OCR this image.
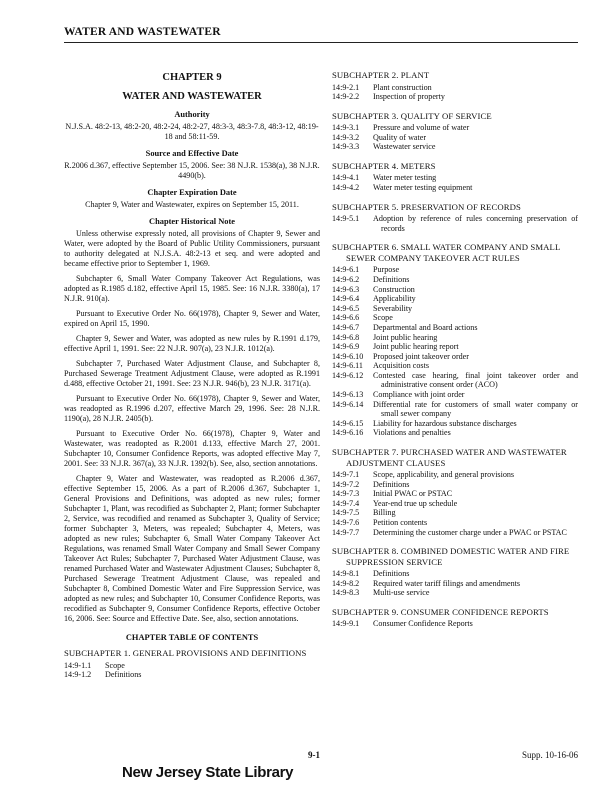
WATER AND WASTEWATER
CHAPTER 9
WATER AND WASTEWATER
Authority
N.J.S.A. 48:2-13, 48:2-20, 48:2-24, 48:2-27, 48:3-3, 48:3-7.8, 48:3-12, 48:19-18 and 58:11-59.
Source and Effective Date
R.2006 d.367, effective September 15, 2006. See: 38 N.J.R. 1538(a), 38 N.J.R. 4490(b).
Chapter Expiration Date
Chapter 9, Water and Wastewater, expires on September 15, 2011.
Chapter Historical Note

Unless otherwise expressly noted, all provisions of Chapter 9, Sewer and Water, were adopted by the Board of Public Utility Commissioners, pursuant to authority delegated at N.J.S.A. 48:2-13 et seq. and were adopted and became effective prior to September 1, 1969.

Subchapter 6, Small Water Company Takeover Act Regulations, was adopted as R.1985 d.182, effective April 15, 1985. See: 16 N.J.R. 3380(a), 17 N.J.R. 910(a).

Pursuant to Executive Order No. 66(1978), Chapter 9, Sewer and Water, expired on April 15, 1990.

Chapter 9, Sewer and Water, was adopted as new rules by R.1991 d.179, effective April 1, 1991. See: 22 N.J.R. 907(a), 23 N.J.R. 1012(a).

Subchapter 7, Purchased Water Adjustment Clause, and Subchapter 8, Purchased Sewerage Treatment Adjustment Clause, were adopted as R.1991 d.488, effective October 21, 1991. See: 23 N.J.R. 946(b), 23 N.J.R. 3171(a).

Pursuant to Executive Order No. 66(1978), Chapter 9, Sewer and Water, was readopted as R.1996 d.207, effective March 29, 1996. See: 28 N.J.R. 1190(a), 28 N.J.R. 2405(b).

Pursuant to Executive Order No. 66(1978), Chapter 9, Water and Wastewater, was readopted as R.2001 d.133, effective March 27, 2001. Subchapter 10, Consumer Confidence Reports, was adopted effective May 7, 2001. See: 33 N.J.R. 367(a), 33 N.J.R. 1392(b). See, also, section annotations.

Chapter 9, Water and Wastewater, was readopted as R.2006 d.367, effective September 15, 2006. As a part of R.2006 d.367, Subchapter 1, General Provisions and Definitions, was adopted as new rules; former Subchapter 1, Plant, was recodified as Subchapter 2, Plant; former Subchapter 2, Service, was recodified and renamed as Subchapter 3, Quality of Service; former Subchapter 3, Meters, was repealed; Subchapter 4, Meters, was adopted as new rules; Subchapter 6, Small Water Company Takeover Act Regulations, was renamed Small Water Company and Small Sewer Company Takeover Act Rules; Subchapter 7, Purchased Water Adjustment Clause, was renamed Purchased Water and Wastewater Adjustment Clauses; Subchapter 8, Purchased Sewerage Treatment Adjustment Clause, was repealed and Subchapter 8, Combined Domestic Water and Fire Suppression Service, was adopted as new rules; and Subchapter 10, Consumer Confidence Reports, was recodified as Subchapter 9, Consumer Confidence Reports, effective October 16, 2006. See: Source and Effective Date. See, also, section annotations.

CHAPTER TABLE OF CONTENTS
SUBCHAPTER 1. GENERAL PROVISIONS AND DEFINITIONS
14:9-1.1	Scope
14:9-1.2	Definitions
SUBCHAPTER 2. PLANT
14:9-2.1	Plant construction
14:9-2.2	Inspection of property
SUBCHAPTER 3. QUALITY OF SERVICE
14:9-3.1	Pressure and volume of water
14:9-3.2	Quality of water
14:9-3.3	Wastewater service
SUBCHAPTER 4. METERS
14:9-4.1	Water meter testing
14:9-4.2	Water meter testing equipment
SUBCHAPTER 5. PRESERVATION OF RECORDS
14:9-5.1	Adoption by reference of rules concerning preservation of records
SUBCHAPTER 6. SMALL WATER COMPANY AND SMALL SEWER COMPANY TAKEOVER ACT RULES
14:9-6.1	Purpose
14:9-6.2	Definitions
14:9-6.3	Construction
14:9-6.4	Applicability
14:9-6.5	Severability
14:9-6.6	Scope
14:9-6.7	Departmental and Board actions
14:9-6.8	Joint public hearing
14:9-6.9	Joint public hearing report
14:9-6.10	Proposed joint takeover order
14:9-6.11	Acquisition costs
14:9-6.12	Contested case hearing, final joint takeover order and administrative consent order (ACO)
14:9-6.13	Compliance with joint order
14:9-6.14	Differential rate for customers of small water company or small sewer company
14:9-6.15	Liability for hazardous substance discharges
14:9-6.16	Violations and penalties
SUBCHAPTER 7. PURCHASED WATER AND WASTEWATER ADJUSTMENT CLAUSES
14:9-7.1	Scope, applicability, and general provisions
14:9-7.2	Definitions
14:9-7.3	Initial PWAC or PSTAC
14:9-7.4	Year-end true up schedule
14:9-7.5	Billing
14:9-7.6	Petition contents
14:9-7.7	Determining the customer charge under a PWAC or PSTAC
SUBCHAPTER 8. COMBINED DOMESTIC WATER AND FIRE SUPPRESSION SERVICE
14:9-8.1	Definitions
14:9-8.2	Required water tariff filings and amendments
14:9-8.3	Multi-use service
SUBCHAPTER 9. CONSUMER CONFIDENCE REPORTS
14:9-9.1	Consumer Confidence Reports
9-1	Supp. 10-16-06
New Jersey State Library
